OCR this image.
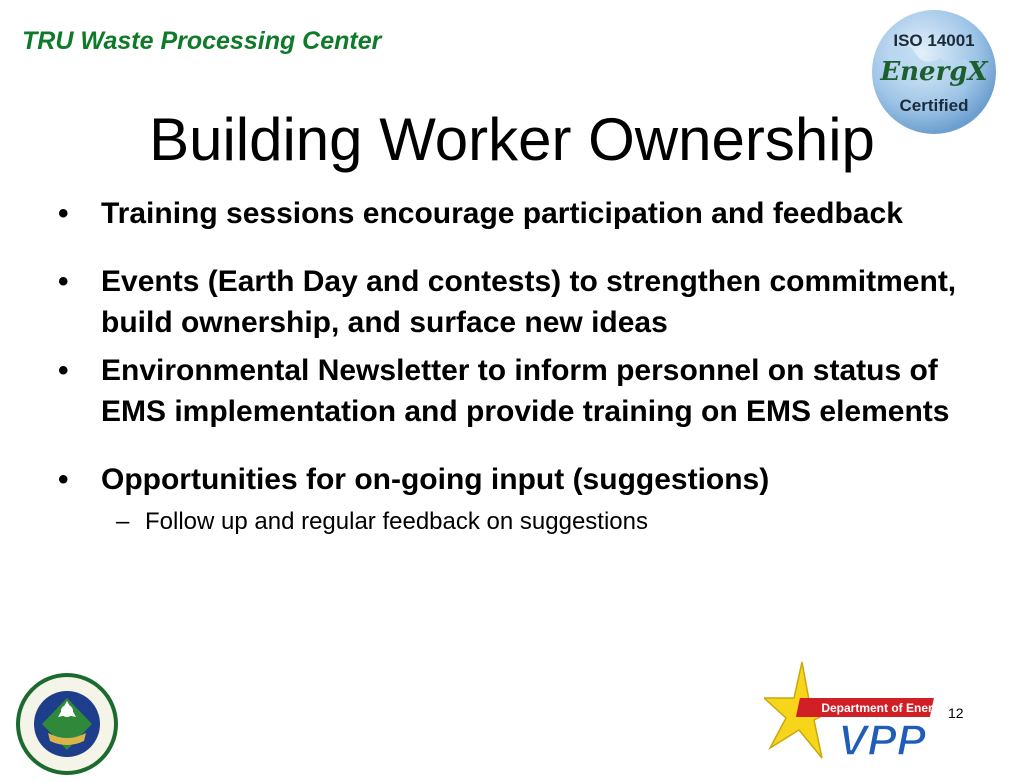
TRU Waste Processing Center	ISO 14001
EnergX
Certified
Building Worker Ownership
• Training sessions encourage participation and feedback
• Events (Earth Day and contests) to strengthen commitment, build ownership, and surface new ideas
• Environmental Newsletter to inform personnel on status of EMS implementation and provide training on EMS elements
• Opportunities for on-going input (suggestions)
– Follow up and regular feedback on suggestions
Department of Energy
VPP
12
